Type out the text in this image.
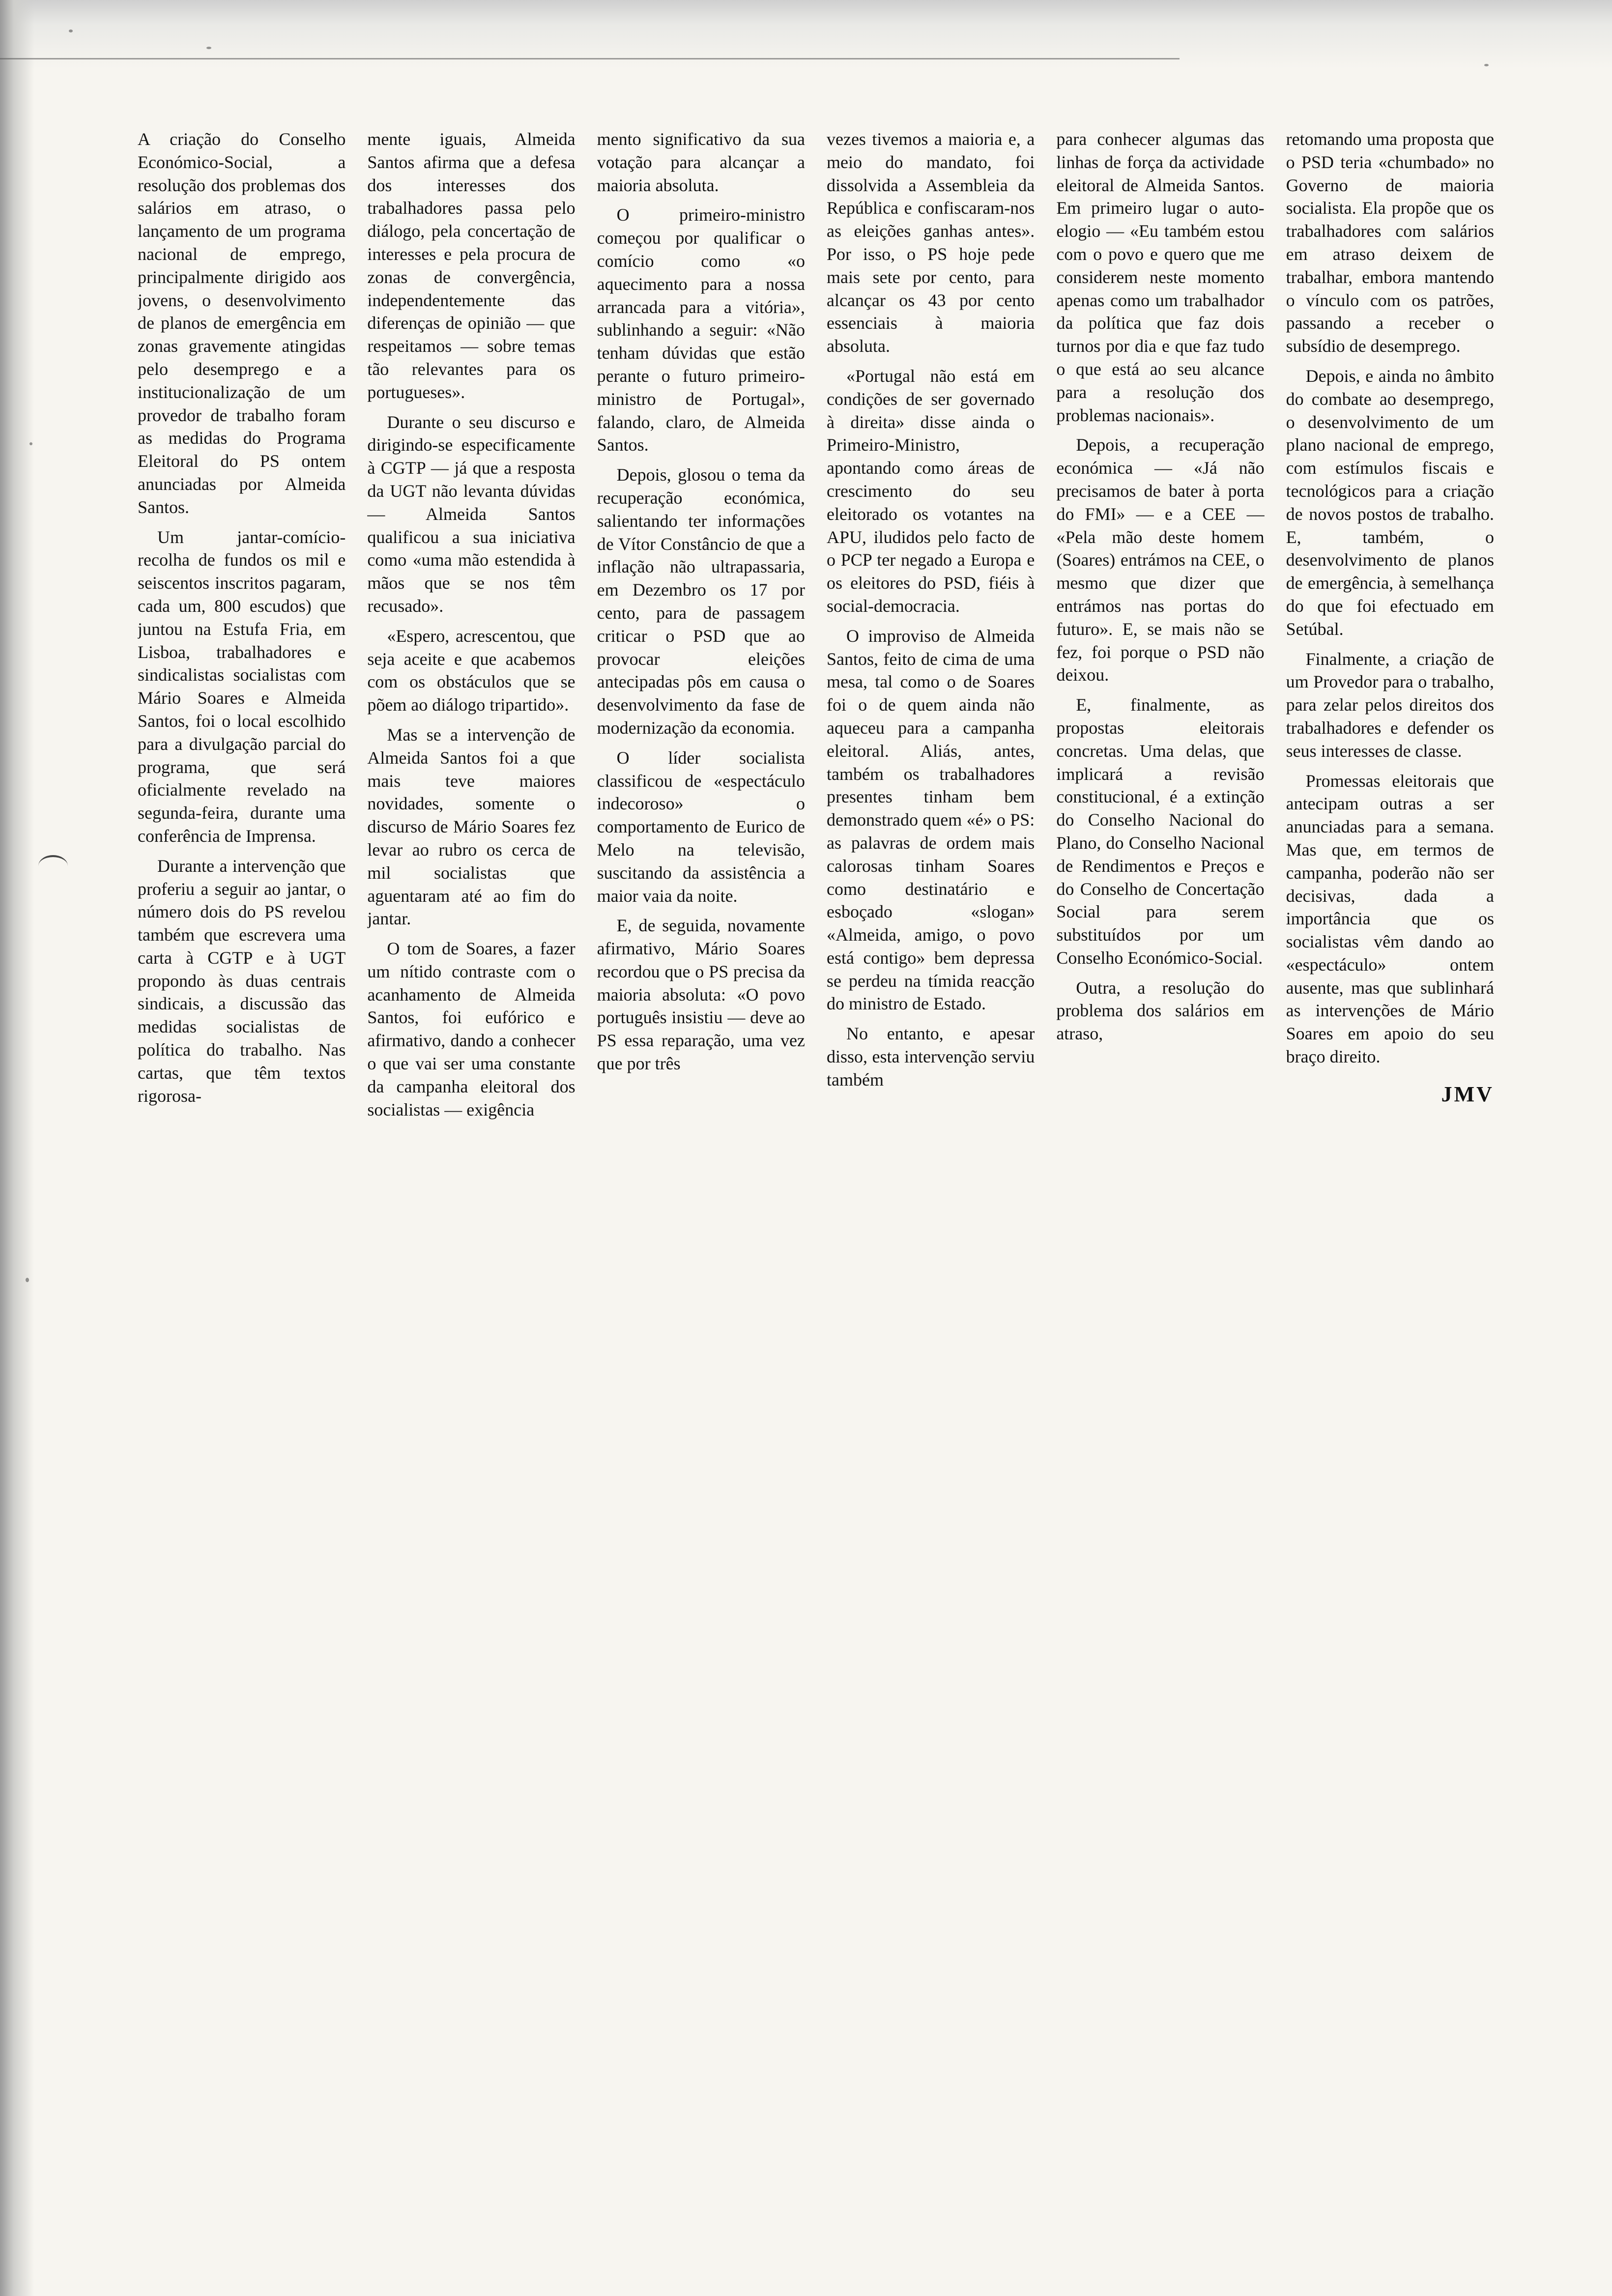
A criação do Conselho Económico-Social, a resolução dos problemas dos salários em atraso, o lançamento de um programa nacional de emprego, principalmente dirigido aos jovens, o desenvolvimento de planos de emergência em zonas gravemente atingidas pelo desemprego e a institucionalização de um provedor de trabalho foram as medidas do Programa Eleitoral do PS ontem anunciadas por Almeida Santos.

Um jantar-comício-recolha de fundos os mil e seiscentos inscritos pagaram, cada um, 800 escudos) que juntou na Estufa Fria, em Lisboa, trabalhadores e sindicalistas socialistas com Mário Soares e Almeida Santos, foi o local escolhido para a divulgação parcial do programa, que será oficialmente revelado na segunda-feira, durante uma conferência de Imprensa.

Durante a intervenção que proferiu a seguir ao jantar, o número dois do PS revelou também que escrevera uma carta à CGTP e à UGT propondo às duas centrais sindicais, a discussão das medidas socialistas de política do trabalho. Nas cartas, que têm textos rigorosa-

mente iguais, Almeida Santos afirma que a defesa dos interesses dos trabalhadores passa pelo diálogo, pela concertação de interesses e pela procura de zonas de convergência, independentemente das diferenças de opinião — que respeitamos — sobre temas tão relevantes para os portugueses».

Durante o seu discurso e dirigindo-se especificamente à CGTP — já que a resposta da UGT não levanta dúvidas — Almeida Santos qualificou a sua iniciativa como «uma mão estendida à mãos que se nos têm recusado».

«Espero, acrescentou, que seja aceite e que acabemos com os obstáculos que se põem ao diálogo tripartido».

Mas se a intervenção de Almeida Santos foi a que mais teve maiores novidades, somente o discurso de Mário Soares fez levar ao rubro os cerca de mil socialistas que aguentaram até ao fim do jantar.

O tom de Soares, a fazer um nítido contraste com o acanhamento de Almeida Santos, foi eufórico e afirmativo, dando a conhecer o que vai ser uma constante da campanha eleitoral dos socialistas — exigência

mento significativo da sua votação para alcançar a maioria absoluta.

O primeiro-ministro começou por qualificar o comício como «o aquecimento para a nossa arrancada para a vitória», sublinhando a seguir: «Não tenham dúvidas que estão perante o futuro primeiro-ministro de Portugal», falando, claro, de Almeida Santos.

Depois, glosou o tema da recuperação económica, salientando ter informações de Vítor Constâncio de que a inflação não ultrapassaria, em Dezembro os 17 por cento, para de passagem criticar o PSD que ao provocar eleições antecipadas pôs em causa o desenvolvimento da fase de modernização da economia.

O líder socialista classificou de «espectáculo indecoroso» o comportamento de Eurico de Melo na televisão, suscitando da assistência a maior vaia da noite.

E, de seguida, novamente afirmativo, Mário Soares recordou que o PS precisa da maioria absoluta: «O povo português insistiu — deve ao PS essa reparação, uma vez que por três

vezes tivemos a maioria e, a meio do mandato, foi dissolvida a Assembleia da República e confiscaram-nos as eleições ganhas antes». Por isso, o PS hoje pede mais sete por cento, para alcançar os 43 por cento essenciais à maioria absoluta.

«Portugal não está em condições de ser governado à direita» disse ainda o Primeiro-Ministro, apontando como áreas de crescimento do seu eleitorado os votantes na APU, iludidos pelo facto de o PCP ter negado a Europa e os eleitores do PSD, fiéis à social-democracia.

O improviso de Almeida Santos, feito de cima de uma mesa, tal como o de Soares foi o de quem ainda não aqueceu para a campanha eleitoral. Aliás, antes, também os trabalhadores presentes tinham bem demonstrado quem «é» o PS: as palavras de ordem mais calorosas tinham Soares como destinatário e esboçado «slogan» «Almeida, amigo, o povo está contigo» bem depressa se perdeu na tímida reacção do ministro de Estado.

No entanto, e apesar disso, esta intervenção serviu também

para conhecer algumas das linhas de força da actividade eleitoral de Almeida Santos. Em primeiro lugar o auto-elogio — «Eu também estou com o povo e quero que me considerem neste momento apenas como um trabalhador da política que faz dois turnos por dia e que faz tudo o que está ao seu alcance para a resolução dos problemas nacionais».

Depois, a recuperação económica — «Já não precisamos de bater à porta do FMI» — e a CEE — «Pela mão deste homem (Soares) entrámos na CEE, o mesmo que dizer que entrámos nas portas do futuro». E, se mais não se fez, foi porque o PSD não deixou.

E, finalmente, as propostas eleitorais concretas. Uma delas, que implicará a revisão constitucional, é a extinção do Conselho Nacional do Plano, do Conselho Nacional de Rendimentos e Preços e do Conselho de Concertação Social para serem substituídos por um Conselho Económico-Social.

Outra, a resolução do problema dos salários em atraso,

retomando uma proposta que o PSD teria «chumbado» no Governo de maioria socialista. Ela propõe que os trabalhadores com salários em atraso deixem de trabalhar, embora mantendo o vínculo com os patrões, passando a receber o subsídio de desemprego.

Depois, e ainda no âmbito do combate ao desemprego, o desenvolvimento de um plano nacional de emprego, com estímulos fiscais e tecnológicos para a criação de novos postos de trabalho. E, também, o desenvolvimento de planos de emergência, à semelhança do que foi efectuado em Setúbal.

Finalmente, a criação de um Provedor para o trabalho, para zelar pelos direitos dos trabalhadores e defender os seus interesses de classe.

Promessas eleitorais que antecipam outras a ser anunciadas para a semana. Mas que, em termos de campanha, poderão não ser decisivas, dada a importância que os socialistas vêm dando ao «espectáculo» ontem ausente, mas que sublinhará as intervenções de Mário Soares em apoio do seu braço direito.

JMV
